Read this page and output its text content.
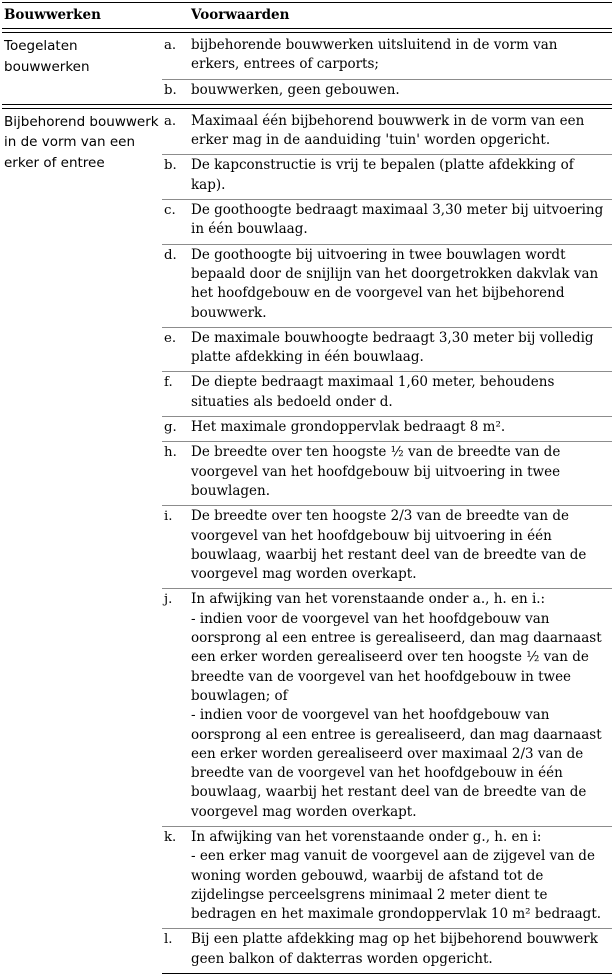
Bouwwerken		Voorwaarden

Toegelaten bouwwerken	a.	bijbehorende bouwwerken uitsluitend in de vorm van erkers, entrees of carports;
	b.	bouwwerken, geen gebouwen.

Bijbehorend bouwwerk in de vorm van een erker of entree	a.	Maximaal één bijbehorend bouwwerk in de vorm van een erker mag in de aanduiding 'tuin' worden opgericht.
	b.	De kapconstructie is vrij te bepalen (platte afdekking of kap).
	c.	De goothoogte bedraagt maximaal 3,30 meter bij uitvoering in één bouwlaag.
	d.	De goothoogte bij uitvoering in twee bouwlagen wordt bepaald door de snijlijn van het doorgetrokken dakvlak van het hoofdgebouw en de voorgevel van het bijbehorend bouwwerk.
	e.	De maximale bouwhoogte bedraagt 3,30 meter bij volledig platte afdekking in één bouwlaag.
	f.	De diepte bedraagt maximaal 1,60 meter, behoudens situaties als bedoeld onder d.
	g.	Het maximale grondoppervlak bedraagt 8 m².
	h.	De breedte over ten hoogste ½ van de breedte van de voorgevel van het hoofdgebouw bij uitvoering in twee bouwlagen.
	i.	De breedte over ten hoogste 2/3 van de breedte van de voorgevel van het hoofdgebouw bij uitvoering in één bouwlaag, waarbij het restant deel van de breedte van de voorgevel mag worden overkapt.
	j.	In afwijking van het vorenstaande onder a., h. en i.:
- indien voor de voorgevel van het hoofdgebouw van oorsprong al een entree is gerealiseerd, dan mag daarnaast een erker worden gerealiseerd over ten hoogste ½ van de breedte van de voorgevel van het hoofdgebouw in twee bouwlagen; of
- indien voor de voorgevel van het hoofdgebouw van oorsprong al een entree is gerealiseerd, dan mag daarnaast een erker worden gerealiseerd over maximaal 2/3 van de breedte van de voorgevel van het hoofdgebouw in één bouwlaag, waarbij het restant deel van de breedte van de voorgevel mag worden overkapt.

	k.	In afwijking van het vorenstaande onder g., h. en i:
- een erker mag vanuit de voorgevel aan de zijgevel van de woning worden gebouwd, waarbij de afstand tot de zijdelingse perceelsgrens minimaal 2 meter dient te bedragen en het maximale grondoppervlak 10 m² bedraagt.

	l.	Bij een platte afdekking mag op het bijbehorend bouwwerk geen balkon of dakterras worden opgericht.
